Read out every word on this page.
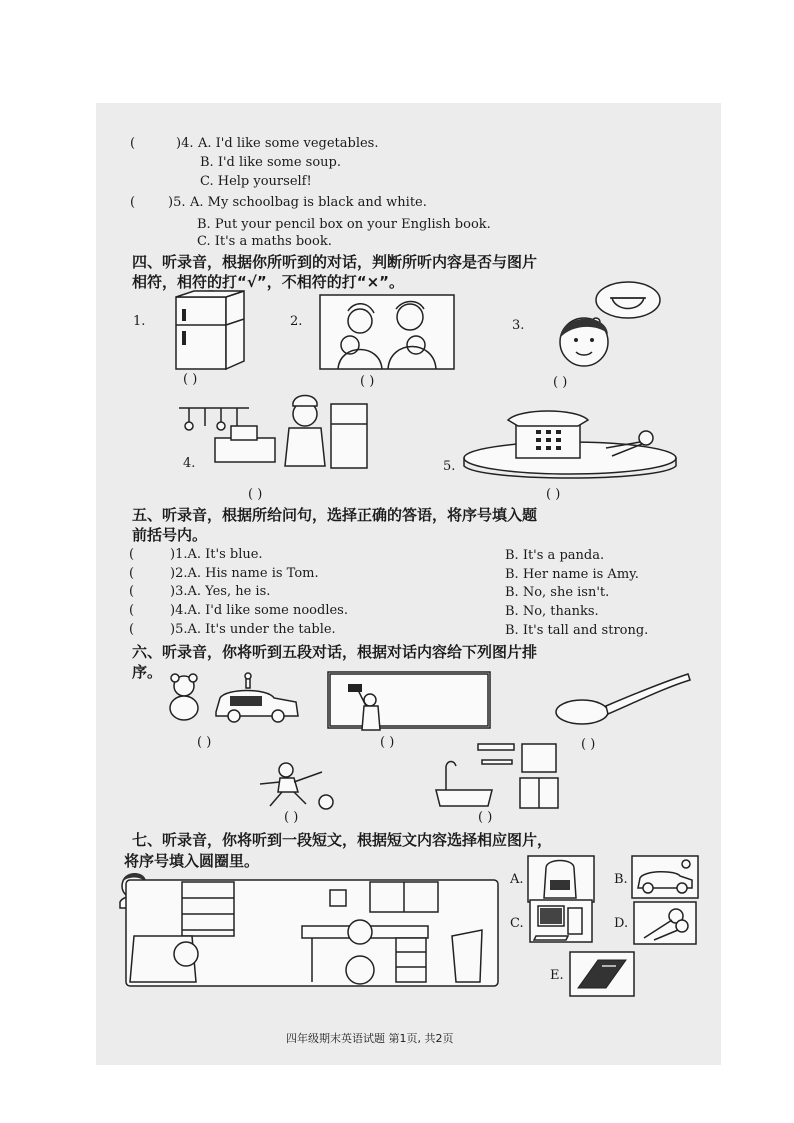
(	)4. A. I'd like some vegetables.
B. I'd like some soup.
C. Help yourself!
(	)5. A. My schoolbag is black and white.
B. Put your pencil box on your English book.
C. It's a maths book.
四、听录音，根据你所听到的对话，判断所听内容是否与图片
相符，相符的打“√”，不相符的打“×”。
1.
( )
2.
( )
3.
( )
4.
( )
5.
( )
五、听录音，根据所给问句，选择正确的答语，将序号填入题
前括号内。
(	)1.A. It's blue.	B. It's a panda.
(	)2.A. His name is Tom.	B. Her name is Amy.
(	)3.A. Yes, he is.	B. No, she isn't.
(	)4.A. I'd like some noodles.	B. No, thanks.
(	)5.A. It's under the table.	B. It's tall and strong.
六、听录音，你将听到五段对话，根据对话内容给下列图片排
序。
( )	( )	( )
( )	( )
七、听录音，你将听到一段短文，根据短文内容选择相应图片，
将序号填入圆圈里。
A.	B.
C.	D.
E.
四年级期末英语试题 第1页, 共2页
